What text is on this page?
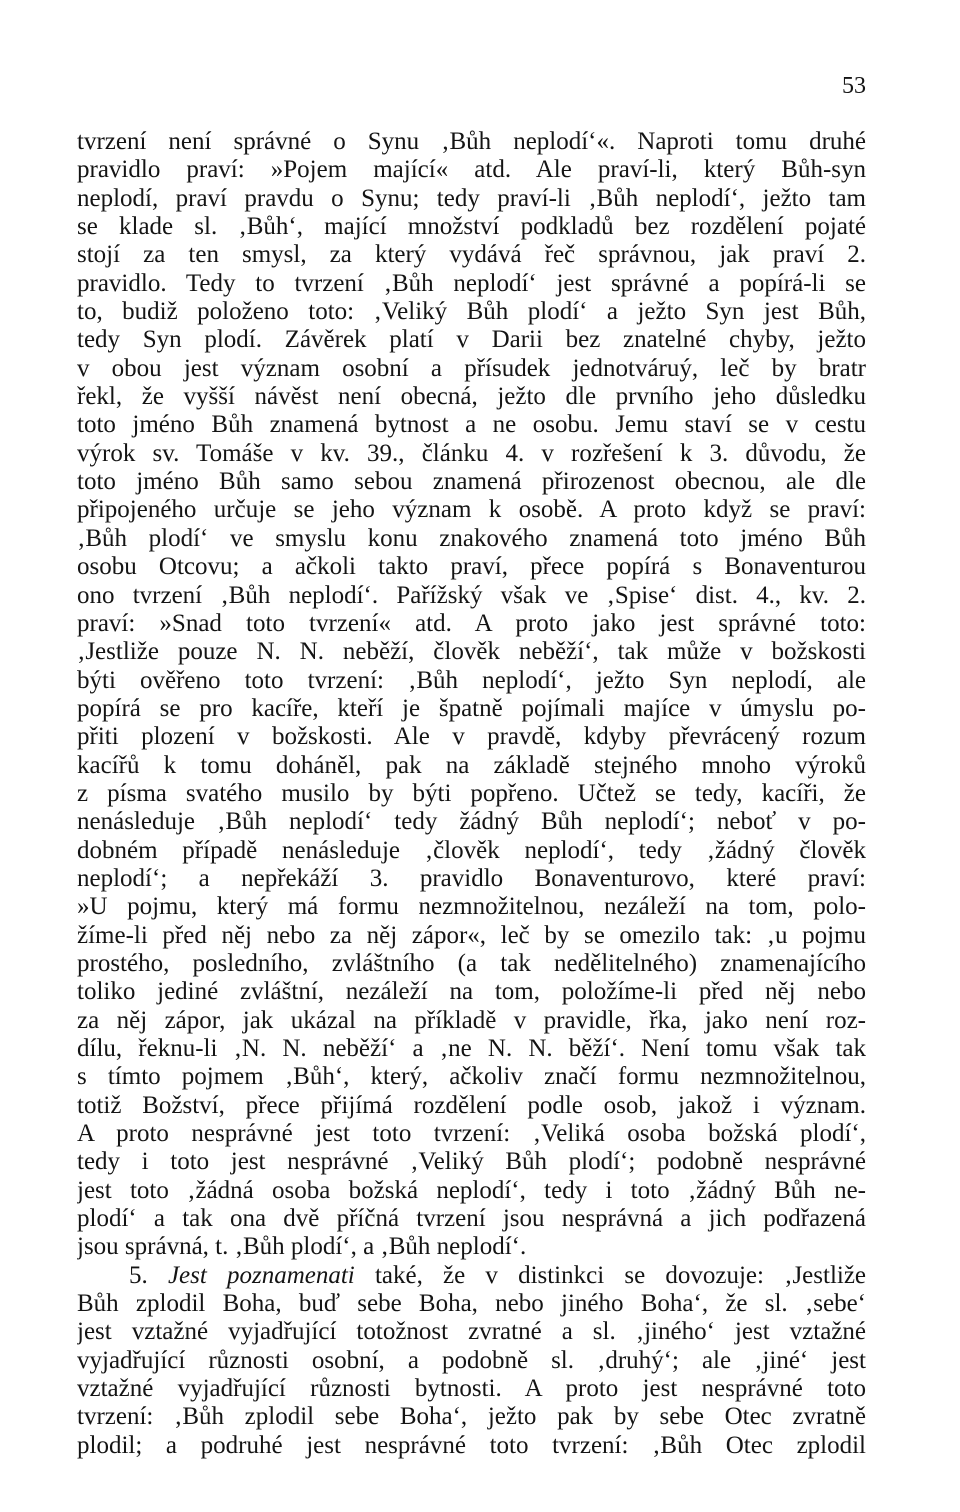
53
tvrzení není správné o Synu ‚Bůh neplodí‘«. Naproti tomu druhé
pravidlo praví: »Pojem mající« atd. Ale praví-li, který Bůh-syn
neplodí, praví pravdu o Synu; tedy praví-li ‚Bůh neplodí‘, ježto tam
se klade sl. ‚Bůh‘, mající množství podkladů bez rozdělení pojaté
stojí za ten smysl, za který vydává řeč správnou, jak praví 2.
pravidlo. Tedy to tvrzení ‚Bůh neplodí‘ jest správné a popírá-li se
to, budiž položeno toto: ‚Veliký Bůh plodí‘ a ježto Syn jest Bůh,
tedy Syn plodí. Závěrek platí v Darii bez znatelné chyby, ježto
v obou jest význam osobní a přísudek jednotváruý, leč by bratr
řekl, že vyšší návěst není obecná, ježto dle prvního jeho důsledku
toto jméno Bůh znamená bytnost a ne osobu. Jemu staví se v cestu
výrok sv. Tomáše v kv. 39., článku 4. v rozřešení k 3. důvodu, že
toto jméno Bůh samo sebou znamená přirozenost obecnou, ale dle
připojeného určuje se jeho význam k osobě. A proto když se praví:
‚Bůh plodí‘ ve smyslu konu znakového znamená toto jméno Bůh
osobu Otcovu; a ačkoli takto praví, přece popírá s Bonaventurou
ono tvrzení ‚Bůh neplodí‘. Pařížský však ve ‚Spise‘ dist. 4., kv. 2.
praví: »Snad toto tvrzení« atd. A proto jako jest správné toto:
‚Jestliže pouze N. N. neběží, člověk neběží‘, tak může v božskosti
býti ověřeno toto tvrzení: ‚Bůh neplodí‘, ježto Syn neplodí, ale
popírá se pro kacíře, kteří je špatně pojímali majíce v úmyslu po-
přiti plození v božskosti. Ale v pravdě, kdyby převrácený rozum
kacířů k tomu doháněl, pak na základě stejného mnoho výroků
z písma svatého musilo by býti popřeno. Učtež se tedy, kacíři, že
nenásleduje ‚Bůh neplodí‘ tedy žádný Bůh neplodí‘; neboť v po-
dobném případě nenásleduje ‚člověk neplodí‘, tedy ‚žádný člověk
neplodí‘; a nepřekáží 3. pravidlo Bonaventurovo, které praví:
»U pojmu, který má formu nezmnožitelnou, nezáleží na tom, polo-
žíme-li před něj nebo za něj zápor«, leč by se omezilo tak: ‚u pojmu
prostého, posledního, zvláštního (a tak nedělitelného) znamenajícího
toliko jediné zvláštní, nezáleží na tom, položíme-li před něj nebo
za něj zápor, jak ukázal na příkladě v pravidle, řka, jako není roz-
dílu, řeknu-li ‚N. N. neběží‘ a ‚ne N. N. běží‘. Není tomu však tak
s tímto pojmem ‚Bůh‘, který, ačkoliv značí formu nezmnožitelnou,
totiž Božství, přece přijímá rozdělení podle osob, jakož i význam.
A proto nesprávné jest toto tvrzení: ‚Veliká osoba božská plodí‘,
tedy i toto jest nesprávné ‚Veliký Bůh plodí‘; podobně nesprávné
jest toto ‚žádná osoba božská neplodí‘, tedy i toto ‚žádný Bůh ne-
plodí‘ a tak ona dvě příčná tvrzení jsou nesprávná a jich podřazená
jsou správná, t. ‚Bůh plodí‘, a ‚Bůh neplodí‘.
5. Jest poznamenati také, že v distinkci se dovozuje: ‚Jestliže
Bůh zplodil Boha, buď sebe Boha, nebo jiného Boha‘, že sl. ‚sebe‘
jest vztažné vyjadřující totožnost zvratné a sl. ‚jiného‘ jest vztažné
vyjadřující různosti osobní, a podobně sl. ‚druhý‘; ale ‚jiné‘ jest
vztažné vyjadřující různosti bytnosti. A proto jest nesprávné toto
tvrzení: ‚Bůh zplodil sebe Boha‘, ježto pak by sebe Otec zvratně
plodil; a podruhé jest nesprávné toto tvrzení: ‚Bůh Otec zplodil
